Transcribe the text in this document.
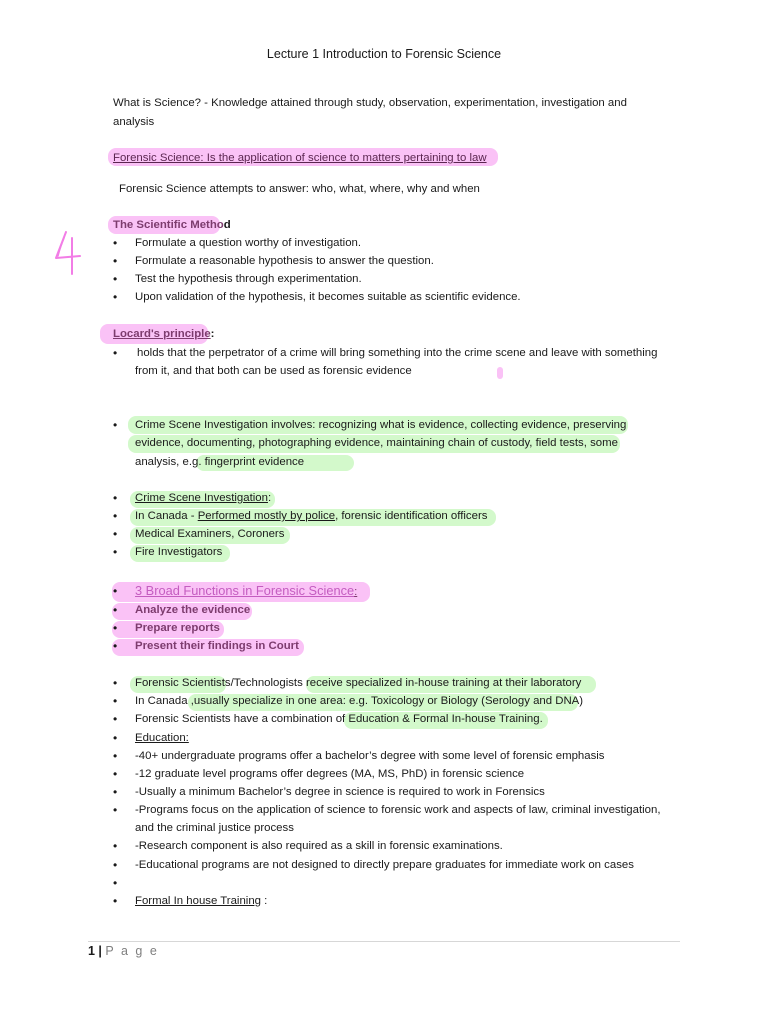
Lecture 1 Introduction to Forensic Science
What is Science? - Knowledge attained through study, observation, experimentation, investigation and
analysis
Forensic Science: Is the application of science to matters pertaining to law
Forensic Science attempts to answer: who, what, where, why and when
The Scientific Method
•	Formulate a question worthy of investigation.
•	Formulate a reasonable hypothesis to answer the question.
•	Test the hypothesis through experimentation.
•	Upon validation of the hypothesis, it becomes suitable as scientific evidence.
Locard's principle:
•	holds that the perpetrator of a crime will bring something into the crime scene and leave with something
from it, and that both can be used as forensic evidence
•	Crime Scene Investigation involves: recognizing what is evidence, collecting evidence, preserving
evidence, documenting, photographing evidence, maintaining chain of custody, field tests, some
analysis, e.g. fingerprint evidence
•	Crime Scene Investigation:
•	In Canada - Performed mostly by police, forensic identification officers
•	Medical Examiners, Coroners
•	Fire Investigators
•	3 Broad Functions in Forensic Science:
•	Analyze the evidence
•	Prepare reports
•	Present their findings in Court
•	Forensic Scientists/Technologists receive specialized in-house training at their laboratory
•	In Canada ,usually specialize in one area: e.g. Toxicology or Biology (Serology and DNA)
•	Forensic Scientists have a combination of Education & Formal In-house Training.
•	Education:
•	-40+ undergraduate programs offer a bachelor’s degree with some level of forensic emphasis
•	-12 graduate level programs offer degrees (MA, MS, PhD) in forensic science
•	-Usually a minimum Bachelor’s degree in science is required to work in Forensics
•	-Programs focus on the application of science to forensic work and aspects of law, criminal investigation,
and the criminal justice process
•	-Research component is also required as a skill in forensic examinations.
•	-Educational programs are not designed to directly prepare graduates for immediate work on cases
•
•	Formal In house Training :
1 | P a g e
